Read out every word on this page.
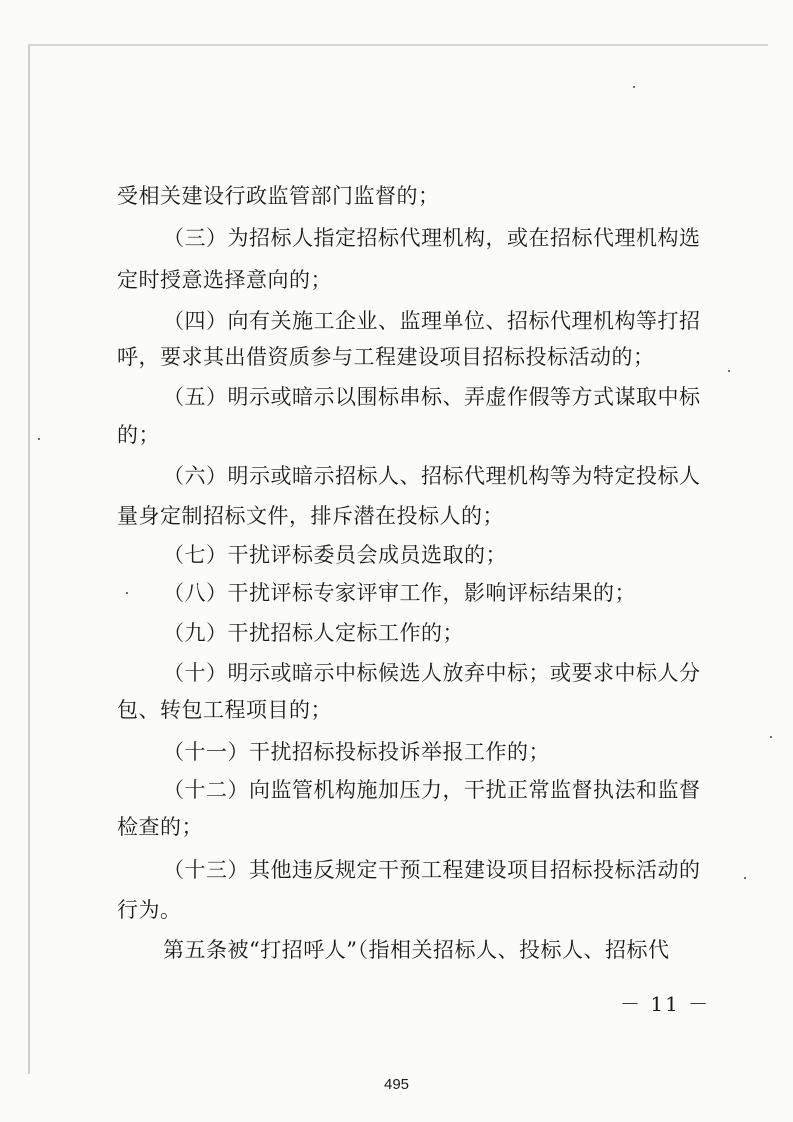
受相关建设行政监管部门监督的；
（三）为招标人指定招标代理机构，或在招标代理机构选
定时授意选择意向的；
（四）向有关施工企业、监理单位、招标代理机构等打招
呼，要求其出借资质参与工程建设项目招标投标活动的；
（五）明示或暗示以围标串标、弄虚作假等方式谋取中标
的；
（六）明示或暗示招标人、招标代理机构等为特定投标人
量身定制招标文件，排斥潜在投标人的；
（七）干扰评标委员会成员选取的；
（八）干扰评标专家评审工作，影响评标结果的；
（九）干扰招标人定标工作的；
（十）明示或暗示中标候选人放弃中标；或要求中标人分
包、转包工程项目的；
（十一）干扰招标投标投诉举报工作的；
（十二）向监管机构施加压力，干扰正常监督执法和监督
检查的；
（十三）其他违反规定干预工程建设项目招标投标活动的
行为。
第五条被“打招呼人”（指相关招标人、投标人、招标代
－ 11 －
495
